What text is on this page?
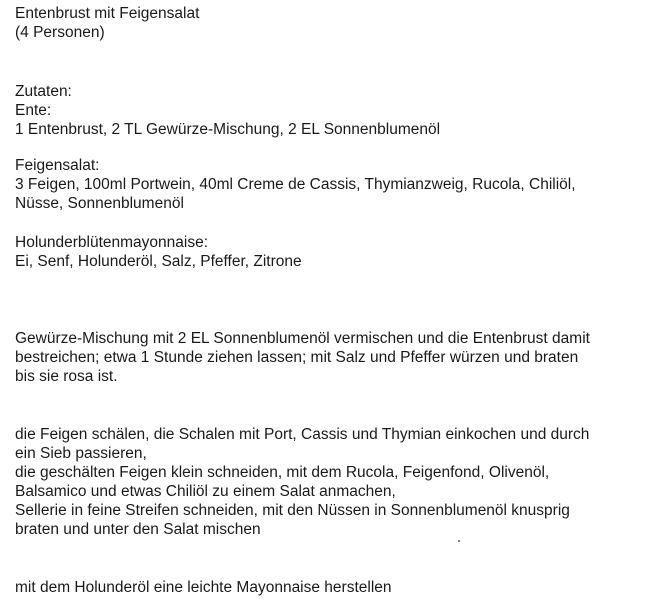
Entenbrust mit Feigensalat
(4 Personen)
Zutaten:
Ente:
1 Entenbrust, 2 TL Gewürze-Mischung, 2 EL Sonnenblumenöl
Feigensalat:
3 Feigen, 100ml Portwein, 40ml Creme de Cassis, Thymianzweig, Rucola, Chiliöl,
Nüsse, Sonnenblumenöl
Holunderblütenmayonnaise:
Ei, Senf, Holunderöl, Salz, Pfeffer, Zitrone
Gewürze-Mischung mit 2 EL Sonnenblumenöl vermischen und die Entenbrust damit
bestreichen; etwa 1 Stunde ziehen lassen; mit Salz und Pfeffer würzen und braten
bis sie rosa ist.
die Feigen schälen, die Schalen mit Port, Cassis und Thymian einkochen und durch
ein Sieb passieren,
die geschälten Feigen klein schneiden, mit dem Rucola, Feigenfond, Olivenöl,
Balsamico und etwas Chiliöl zu einem Salat anmachen,
Sellerie in feine Streifen schneiden, mit den Nüssen in Sonnenblumenöl knusprig
braten und unter den Salat mischen
mit dem Holunderöl eine leichte Mayonnaise herstellen
